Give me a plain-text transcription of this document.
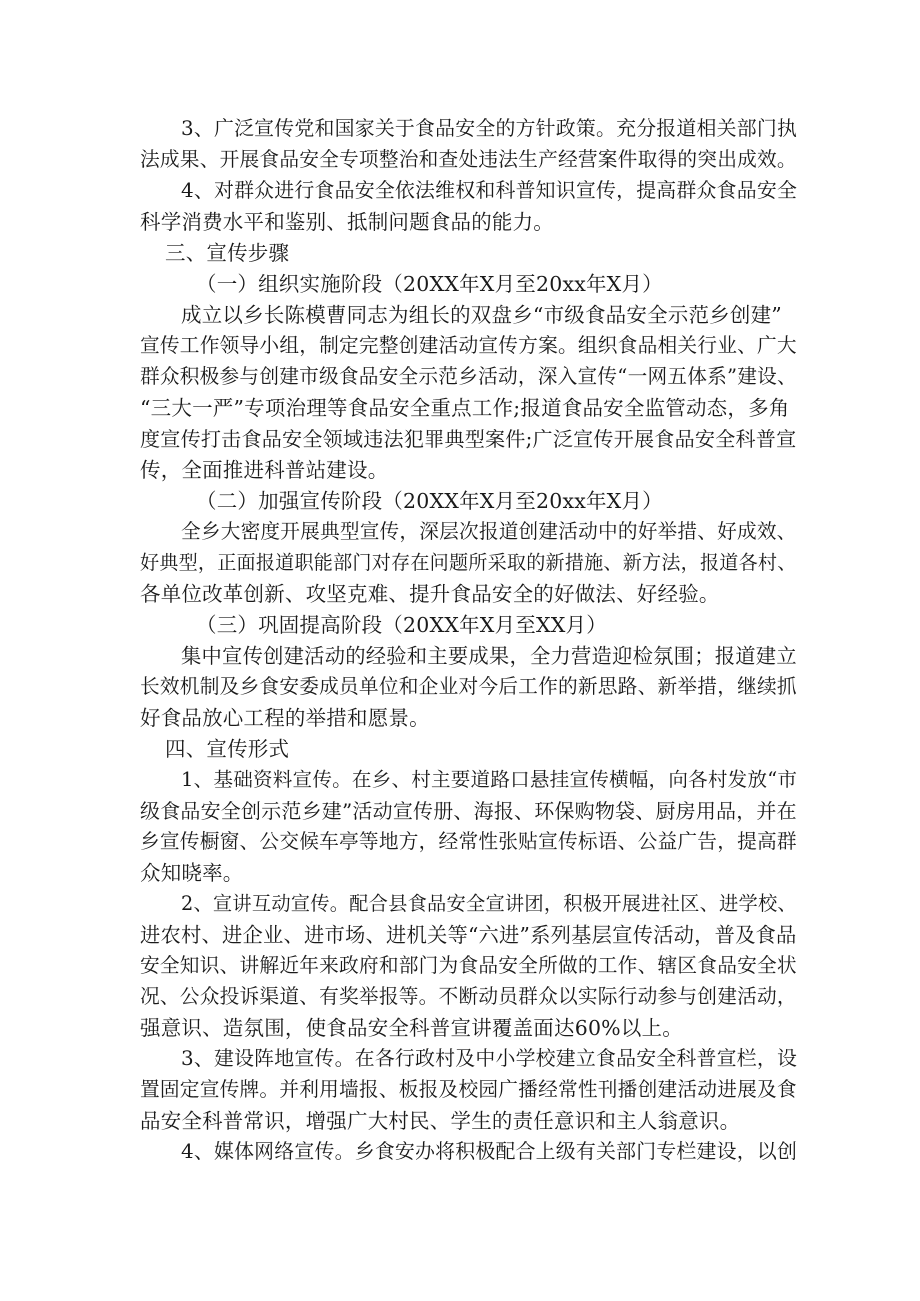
3、广泛宣传党和国家关于食品安全的方针政策。充分报道相关部门执
法成果、开展食品安全专项整治和查处违法生产经营案件取得的突出成效。
4、对群众进行食品安全依法维权和科普知识宣传，提高群众食品安全
科学消费水平和鉴别、抵制问题食品的能力。
三、宣传步骤
（一）组织实施阶段（20XX年X月至20xx年X月）
成立以乡长陈模曹同志为组长的双盘乡“市级食品安全示范乡创建”
宣传工作领导小组，制定完整创建活动宣传方案。组织食品相关行业、广大
群众积极参与创建市级食品安全示范乡活动，深入宣传“一网五体系”建设、
“三大一严”专项治理等食品安全重点工作;报道食品安全监管动态，多角
度宣传打击食品安全领域违法犯罪典型案件;广泛宣传开展食品安全科普宣
传，全面推进科普站建设。
（二）加强宣传阶段（20XX年X月至20xx年X月）
全乡大密度开展典型宣传，深层次报道创建活动中的好举措、好成效、
好典型，正面报道职能部门对存在问题所采取的新措施、新方法，报道各村、
各单位改革创新、攻坚克难、提升食品安全的好做法、好经验。
（三）巩固提高阶段（20XX年X月至XX月）
集中宣传创建活动的经验和主要成果，全力营造迎检氛围；报道建立
长效机制及乡食安委成员单位和企业对今后工作的新思路、新举措，继续抓
好食品放心工程的举措和愿景。
四、宣传形式
1、基础资料宣传。在乡、村主要道路口悬挂宣传横幅，向各村发放“市
级食品安全创示范乡建”活动宣传册、海报、环保购物袋、厨房用品，并在
乡宣传橱窗、公交候车亭等地方，经常性张贴宣传标语、公益广告，提高群
众知晓率。
2、宣讲互动宣传。配合县食品安全宣讲团，积极开展进社区、进学校、
进农村、进企业、进市场、进机关等“六进”系列基层宣传活动，普及食品
安全知识、讲解近年来政府和部门为食品安全所做的工作、辖区食品安全状
况、公众投诉渠道、有奖举报等。不断动员群众以实际行动参与创建活动，
强意识、造氛围，使食品安全科普宣讲覆盖面达60%以上。
3、建设阵地宣传。在各行政村及中小学校建立食品安全科普宣栏，设
置固定宣传牌。并利用墙报、板报及校园广播经常性刊播创建活动进展及食
品安全科普常识，增强广大村民、学生的责任意识和主人翁意识。
4、媒体网络宣传。乡食安办将积极配合上级有关部门专栏建设，以创
